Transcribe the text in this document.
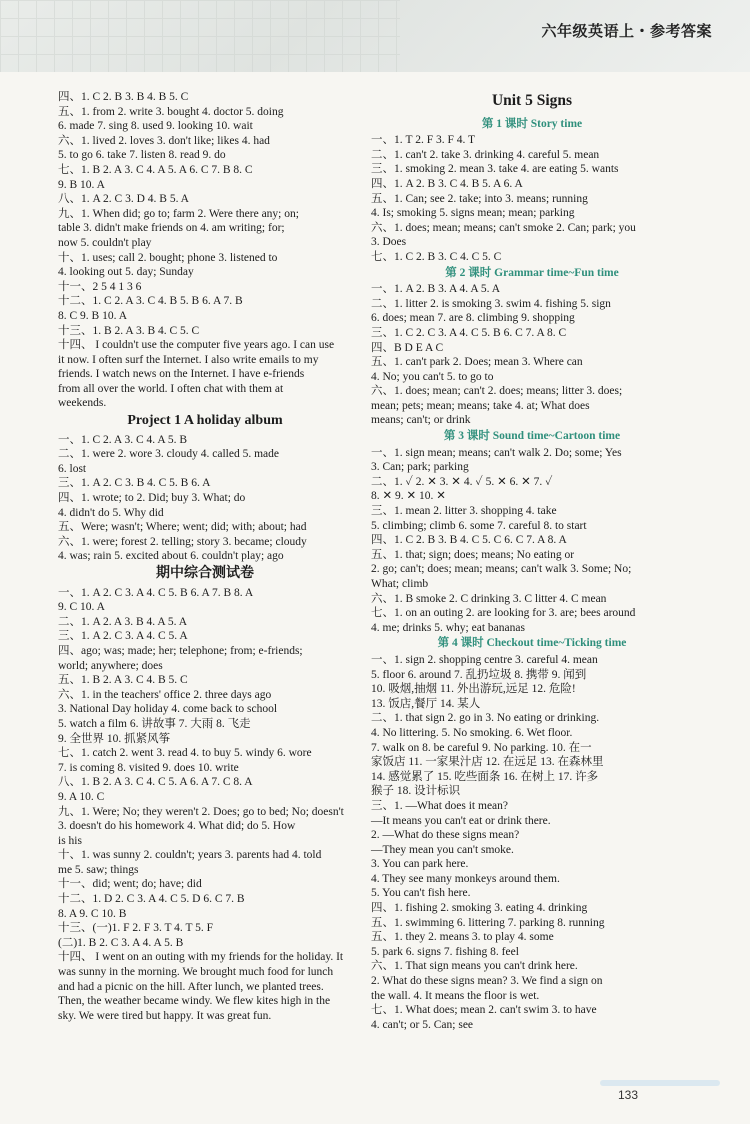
六年级英语上・参考答案
四、1. C 2. B 3. B 4. B 5. C
五、1. from 2. write 3. bought 4. doctor 5. doing
6. made 7. sing 8. used 9. looking 10. wait
六、1. lived 2. loves 3. don't like; likes 4. had
5. to go 6. take 7. listen 8. read 9. do
七、1. B 2. A 3. C 4. A 5. A 6. C 7. B 8. C
9. B 10. A
八、1. A 2. C 3. D 4. B 5. A
九、1. When did; go to; farm 2. Were there any; on;
table 3. didn't make friends on 4. am writing; for;
now 5. couldn't play
十、1. uses; call 2. bought; phone 3. listened to
4. looking out 5. day; Sunday
十一、2 5 4 1 3 6
十二、1. C 2. A 3. C 4. B 5. B 6. A 7. B
8. C 9. B 10. A
十三、1. B 2. A 3. B 4. C 5. C
十四、 I couldn't use the computer five years ago. I can use
it now. I often surf the Internet. I also write emails to my
friends. I watch news on the Internet. I have e-friends
from all over the world. I often chat with them at
weekends.
Project 1 A holiday album
一、1. C 2. A 3. C 4. A 5. B
二、1. were 2. wore 3. cloudy 4. called 5. made
6. lost
三、1. A 2. C 3. B 4. C 5. B 6. A
四、1. wrote; to 2. Did; buy 3. What; do
4. didn't do 5. Why did
五、Were; wasn't; Where; went; did; with; about; had
六、1. were; forest 2. telling; story 3. became; cloudy
4. was; rain 5. excited about 6. couldn't play; ago
期中综合测试卷
一、1. A 2. C 3. A 4. C 5. B 6. A 7. B 8. A
9. C 10. A
二、1. A 2. A 3. B 4. A 5. A
三、1. A 2. C 3. A 4. C 5. A
四、ago; was; made; her; telephone; from; e-friends;
world; anywhere; does
五、1. B 2. A 3. C 4. B 5. C
六、1. in the teachers' office 2. three days ago
3. National Day holiday 4. come back to school
5. watch a film 6. 讲故事 7. 大雨 8. 飞走
9. 全世界 10. 抓紧风筝
七、1. catch 2. went 3. read 4. to buy 5. windy 6. wore
7. is coming 8. visited 9. does 10. write
八、1. B 2. A 3. C 4. C 5. A 6. A 7. C 8. A
9. A 10. C
九、1. Were; No; they weren't 2. Does; go to bed; No; doesn't
3. doesn't do his homework 4. What did; do 5. How
is his
十、1. was sunny 2. couldn't; years 3. parents had 4. told
me 5. saw; things
十一、did; went; do; have; did
十二、1. D 2. C 3. A 4. C 5. D 6. C 7. B
8. A 9. C 10. B
十三、(一)1. F 2. F 3. T 4. T 5. F
(二)1. B 2. C 3. A 4. A 5. B
十四、 I went on an outing with my friends for the holiday. It
was sunny in the morning. We brought much food for lunch
and had a picnic on the hill. After lunch, we planted trees.
Then, the weather became windy. We flew kites high in the
sky. We were tired but happy. It was great fun.
Unit 5 Signs
第 1 课时 Story time
一、1. T 2. F 3. F 4. T
二、1. can't 2. take 3. drinking 4. careful 5. mean
三、1. smoking 2. mean 3. take 4. are eating 5. wants
四、1. A 2. B 3. C 4. B 5. A 6. A
五、1. Can; see 2. take; into 3. means; running
4. Is; smoking 5. signs mean; mean; parking
六、1. does; mean; means; can't smoke 2. Can; park; you
3. Does
七、1. C 2. B 3. C 4. C 5. C
第 2 课时 Grammar time~Fun time
一、1. A 2. B 3. A 4. A 5. A
二、1. litter 2. is smoking 3. swim 4. fishing 5. sign
6. does; mean 7. are 8. climbing 9. shopping
三、1. C 2. C 3. A 4. C 5. B 6. C 7. A 8. C
四、B D E A C
五、1. can't park 2. Does; mean 3. Where can
4. No; you can't 5. to go to
六、1. does; mean; can't 2. does; means; litter 3. does;
mean; pets; mean; means; take 4. at; What does
means; can't; or drink
第 3 课时 Sound time~Cartoon time
一、1. sign mean; means; can't walk 2. Do; some; Yes
3. Can; park; parking
二、1. ✓ 2. ✕ 3. ✕ 4. ✓ 5. ✕ 6. ✕ 7. ✓
8. ✕ 9. ✕ 10. ✕
三、1. mean 2. litter 3. shopping 4. take
5. climbing; climb 6. some 7. careful 8. to start
四、1. C 2. B 3. B 4. C 5. C 6. C 7. A 8. A
五、1. that; sign; does; means; No eating or
2. go; can't; does; mean; means; can't walk 3. Some; No;
What; climb
六、1. B smoke 2. C drinking 3. C litter 4. C mean
七、1. on an outing 2. are looking for 3. are; bees around
4. me; drinks 5. why; eat bananas
第 4 课时 Checkout time~Ticking time
一、1. sign 2. shopping centre 3. careful 4. mean
5. floor 6. around 7. 乱扔垃圾 8. 携带 9. 闻到
10. 吸烟,抽烟 11. 外出游玩,远足 12. 危险!
13. 饭店,餐厅 14. 某人
二、1. that sign 2. go in 3. No eating or drinking.
4. No littering. 5. No smoking. 6. Wet floor.
7. walk on 8. be careful 9. No parking. 10. 在一
家饭店 11. 一家果汁店 12. 在远足 13. 在森林里
14. 感觉累了 15. 吃些面条 16. 在树上 17. 许多
猴子 18. 设计标识
三、1. —What does it mean?
—It means you can't eat or drink there.
2. —What do these signs mean?
—They mean you can't smoke.
3. You can park here.
4. They see many monkeys around them.
5. You can't fish here.
四、1. fishing 2. smoking 3. eating 4. drinking
五、1. swimming 6. littering 7. parking 8. running
五、1. they 2. means 3. to play 4. some
5. park 6. signs 7. fishing 8. feel
六、1. That sign means you can't drink here.
2. What do these signs mean? 3. We find a sign on
the wall. 4. It means the floor is wet.
七、1. What does; mean 2. can't swim 3. to have
4. can't; or 5. Can; see
133
